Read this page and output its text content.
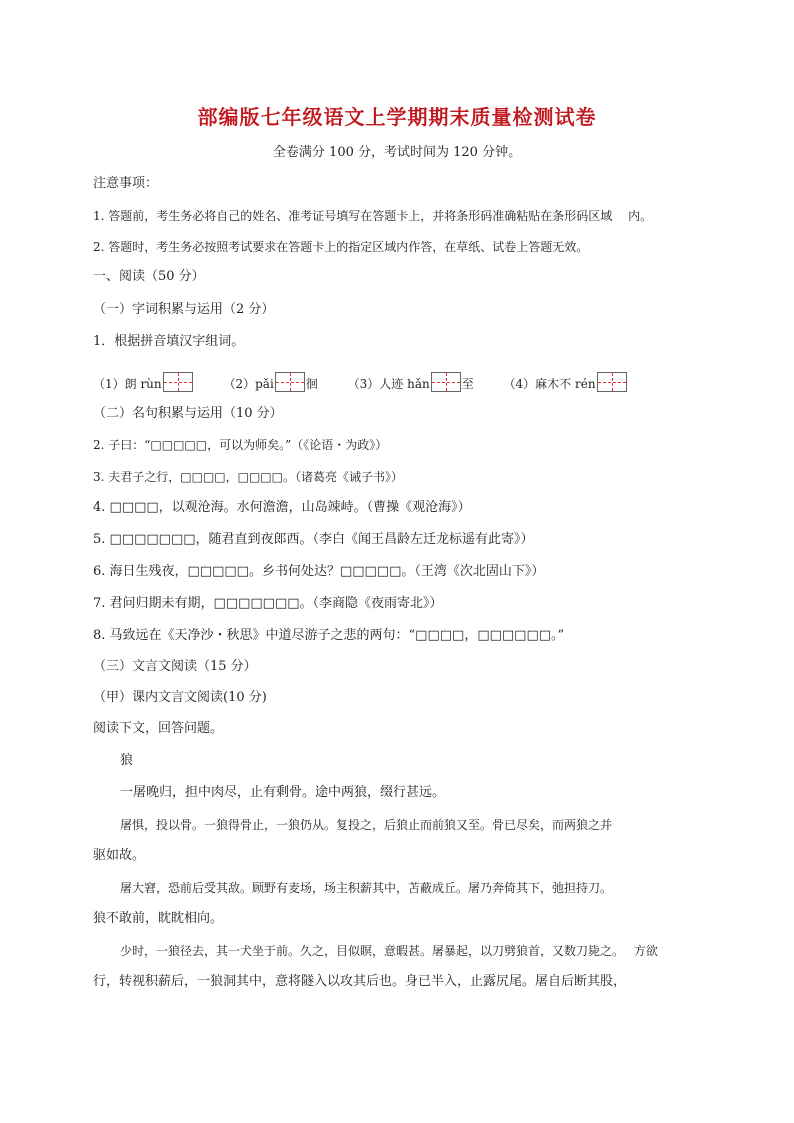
部编版七年级语文上学期期末质量检测试卷
全卷满分 100 分，考试时间为 120 分钟。
注意事项：
1. 答题前，考生务必将自己的姓名、准考证号填写在答题卡上，并将条形码准确粘贴在条形码区域　 内。
2. 答题时，考生务必按照考试要求在答题卡上的指定区域内作答，在草纸、试卷上答题无效。
一、阅读（50 分）
（一）字词积累与运用（2 分）
1．根据拼音填汉字组词。
（1）朗 rùn	（2）pǎi	徊 （3）人迹 hǎn	至 （4）麻木不 rén
（二）名句积累与运用（10 分）
2. 子曰：“□□□□□，可以为师矣。”（《论语・为政》）
3. 夫君子之行，□□□□，□□□□。（诸葛亮《诫子书》）
4. □□□□，以观沧海。水何澹澹，山岛竦峙。（曹操《观沧海》）
5. □□□□□□□，随君直到夜郎西。（李白《闻王昌龄左迁龙标遥有此寄》）
6. 海日生残夜，□□□□□。乡书何处达？□□□□□。（王湾《次北固山下》）
7. 君问归期未有期，□□□□□□□。（李商隐《夜雨寄北》）
8. 马致远在《天净沙・秋思》中道尽游子之悲的两句：“□□□□，□□□□□□。”
（三）文言文阅读（15 分）
（甲）课内文言文阅读(10 分)
阅读下文，回答问题。
狼
一屠晚归，担中肉尽，止有剩骨。途中两狼，缀行甚远。
屠惧，投以骨。一狼得骨止，一狼仍从。复投之，后狼止而前狼又至。骨已尽矣，而两狼之并
驱如故。
屠大窘，恐前后受其敌。顾野有麦场，场主积薪其中，苫蔽成丘。屠乃奔倚其下，弛担持刀。
狼不敢前，眈眈相向。
少时，一狼径去，其一犬坐于前。久之，目似瞑，意暇甚。屠暴起，以刀劈狼首，又数刀毙之。　 方欲
行，转视积薪后，一狼洞其中，意将隧入以攻其后也。身已半入，止露尻尾。屠自后断其股，
